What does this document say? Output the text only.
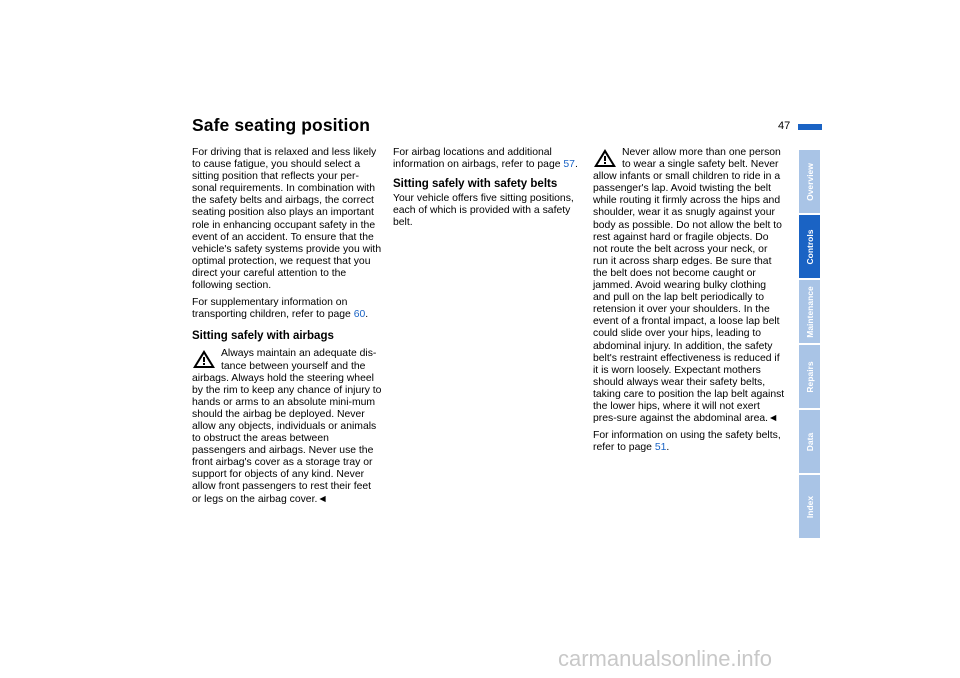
Safe seating position	47

For driving that is relaxed and less likely to cause fatigue, you should select a sitting position that reflects your per-sonal requirements. In combination with the safety belts and airbags, the correct seating position also plays an important role in enhancing occupant safety in the event of an accident. To ensure that the vehicle's safety systems provide you with optimal protection, we request that you direct your careful attention to the following section.

For supplementary information on transporting children, refer to page 60.

Sitting safely with airbags

Always maintain an adequate dis-tance between yourself and the airbags. Always hold the steering wheel by the rim to keep any chance of injury to hands or arms to an absolute mini-mum should the airbag be deployed. Never allow any objects, individuals or animals to obstruct the areas between passengers and airbags. Never use the front airbag's cover as a storage tray or support for objects of any kind. Never allow front passengers to rest their feet or legs on the airbag cover.◄

For airbag locations and additional information on airbags, refer to page 57.

Sitting safely with safety belts

Your vehicle offers five sitting positions, each of which is provided with a safety belt.

Never allow more than one person to wear a single safety belt. Never allow infants or small children to ride in a passenger's lap. Avoid twisting the belt while routing it firmly across the hips and shoulder, wear it as snugly against your body as possible. Do not allow the belt to rest against hard or fragile objects. Do not route the belt across your neck, or run it across sharp edges. Be sure that the belt does not become caught or jammed. Avoid wearing bulky clothing and pull on the lap belt periodically to retension it over your shoulders. In the event of a frontal impact, a loose lap belt could slide over your hips, leading to abdominal injury. In addition, the safety belt's restraint effectiveness is reduced if it is worn loosely. Expectant mothers should always wear their safety belts, taking care to position the lap belt against the lower hips, where it will not exert pres-sure against the abdominal area.◄

For information on using the safety belts, refer to page 51.

Overview
Controls
Maintenance
Repairs
Data
Index
carmanualsonline.info
